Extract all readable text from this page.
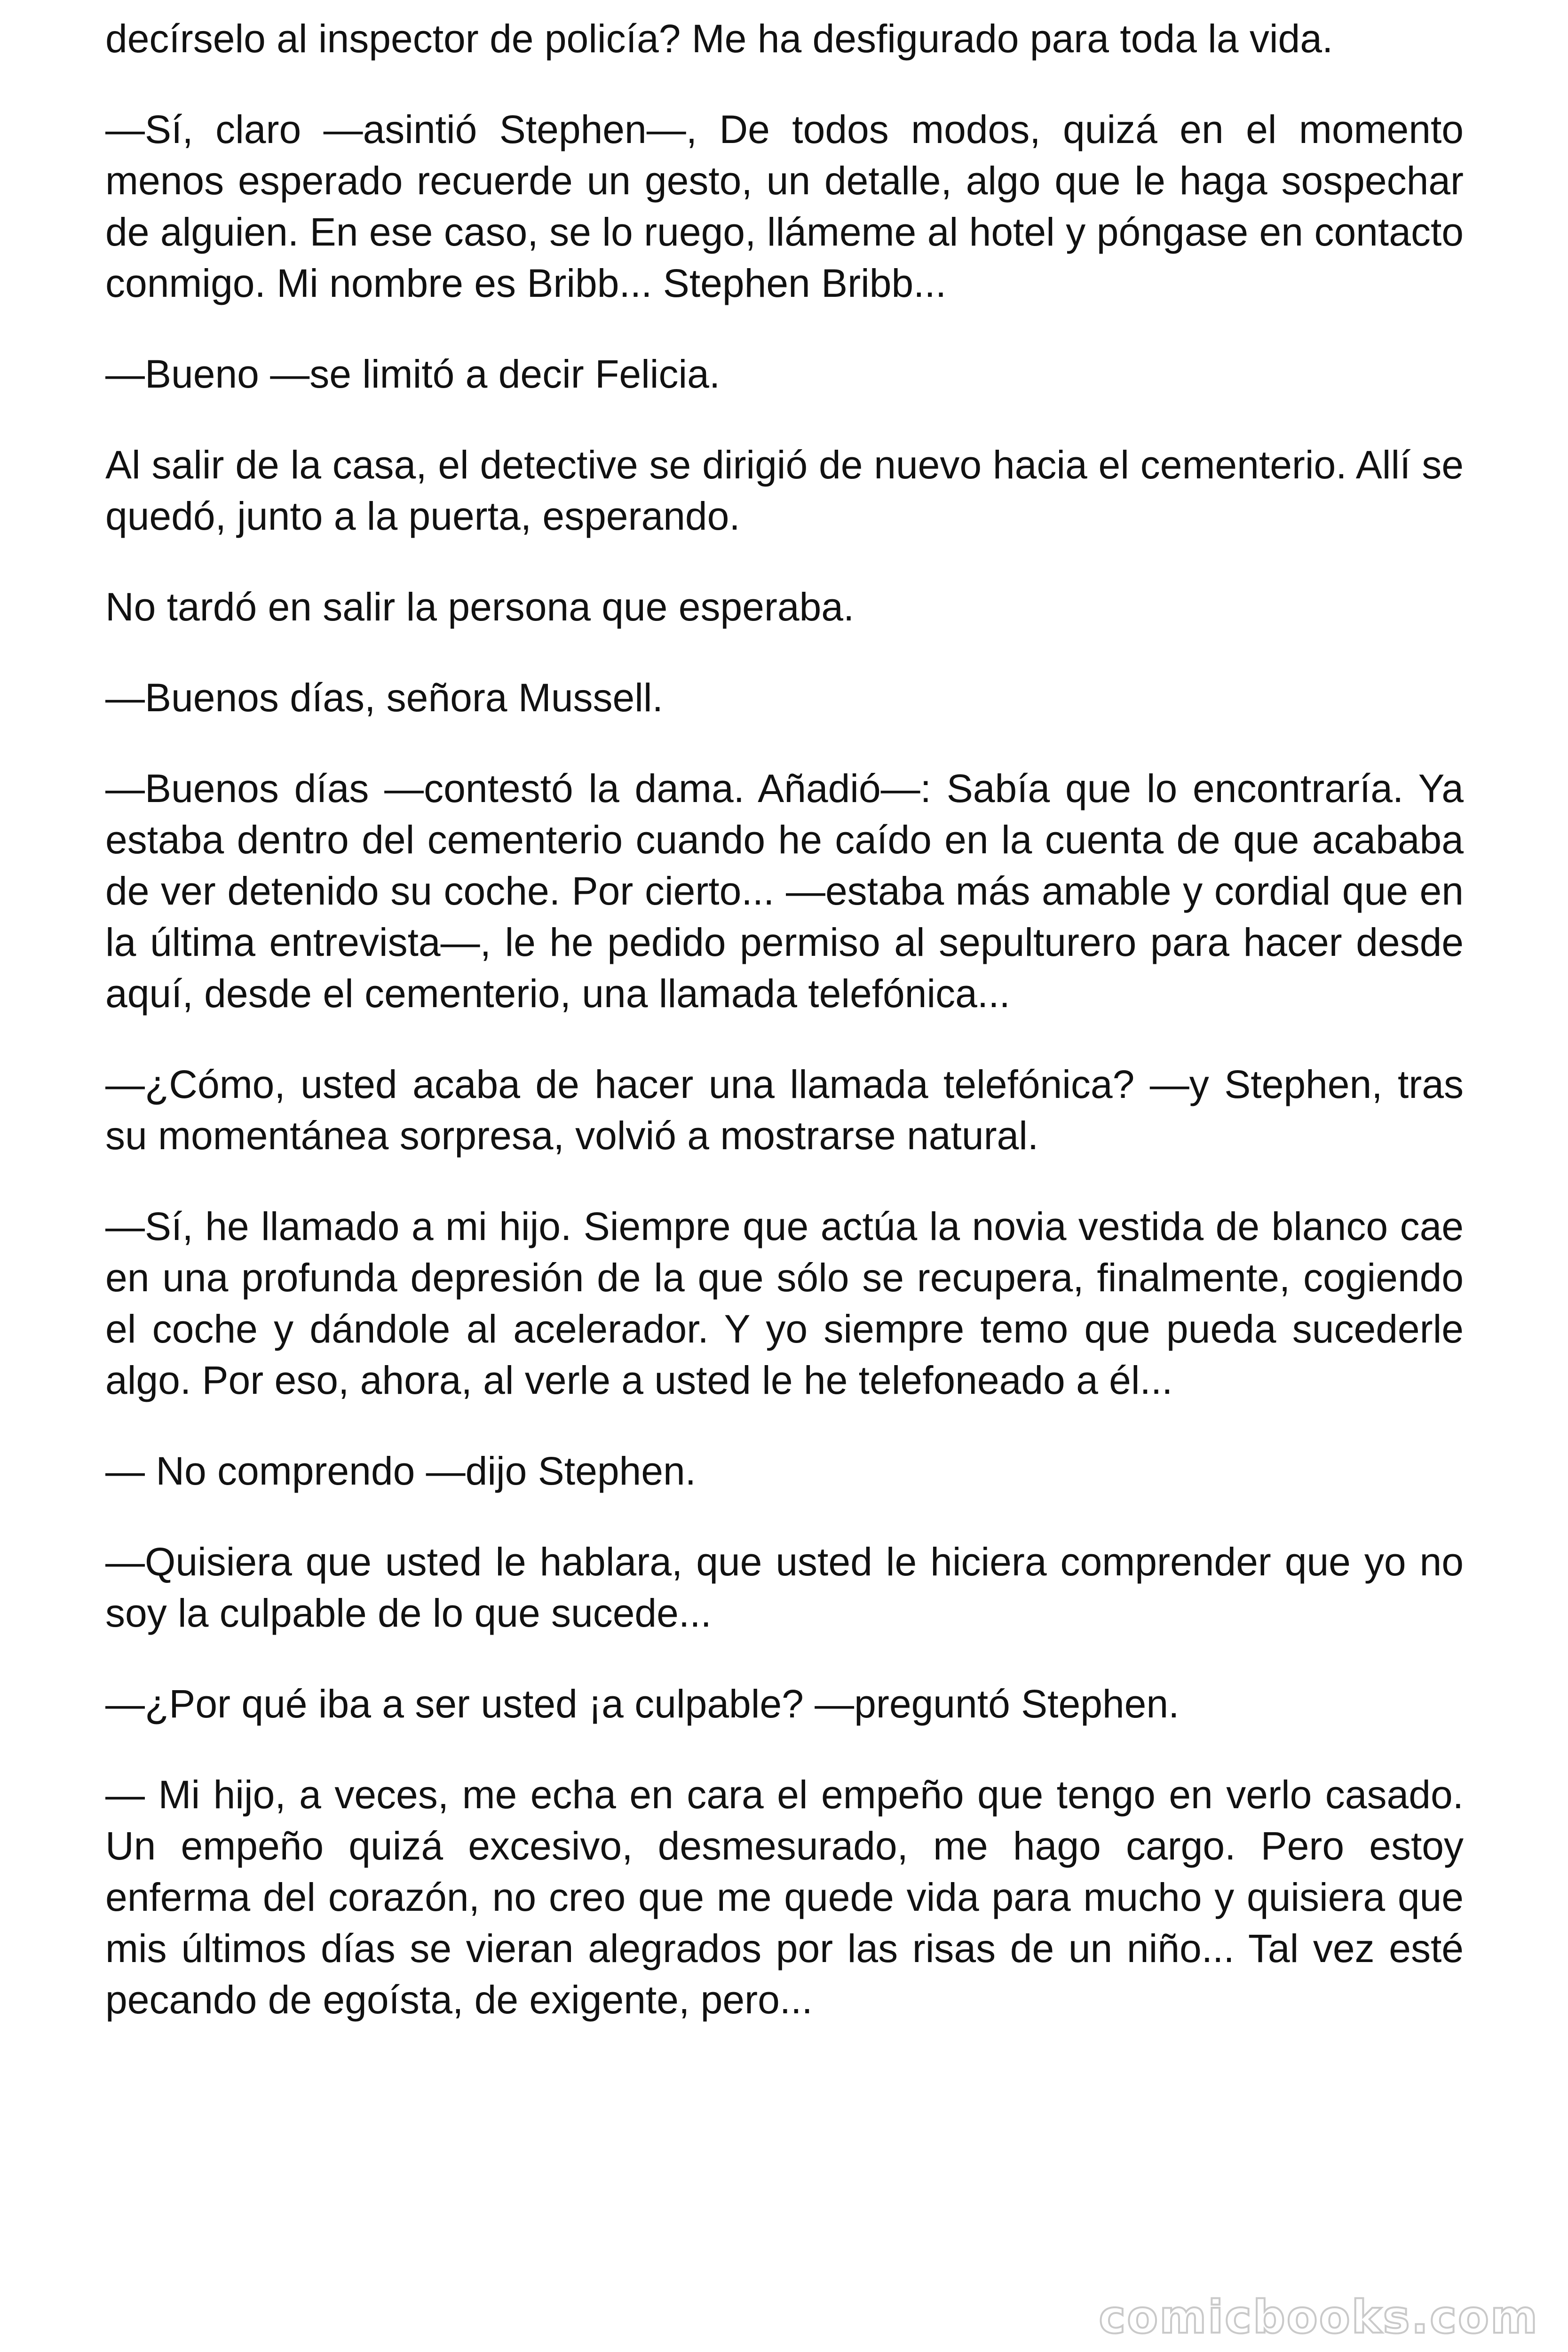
decírselo al inspector de policía? Me ha desfigurado para toda la vida.

—Sí, claro —asintió Stephen—, De todos modos, quizá en el momento menos esperado recuerde un gesto, un detalle, algo que le haga sospechar de alguien. En ese caso, se lo ruego, llámeme al hotel y póngase en contacto conmigo. Mi nombre es Bribb... Stephen Bribb...

—Bueno —se limitó a decir Felicia.

Al salir de la casa, el detective se dirigió de nuevo hacia el cementerio. Allí se quedó, junto a la puerta, esperando.

No tardó en salir la persona que esperaba.

—Buenos días, señora Mussell.

—Buenos días —contestó la dama. Añadió—: Sabía que lo encontraría. Ya estaba dentro del cementerio cuando he caído en la cuenta de que acababa de ver detenido su coche. Por cierto... —estaba más amable y cordial que en la última entrevista—, le he pedido permiso al sepulturero para hacer desde aquí, desde el cementerio, una llamada telefónica...

—¿Cómo, usted acaba de hacer una llamada telefónica? —y Stephen, tras su momentánea sorpresa, volvió a mostrarse natural.

—Sí, he llamado a mi hijo. Siempre que actúa la novia vestida de blanco cae en una profunda depresión de la que sólo se recupera, finalmente, cogiendo el coche y dándole al acelerador. Y yo siempre temo que pueda sucederle algo. Por eso, ahora, al verle a usted le he telefoneado a él...

— No comprendo —dijo Stephen.

—Quisiera que usted le hablara, que usted le hiciera comprender que yo no soy la culpable de lo que sucede...

—¿Por qué iba a ser usted ¡a culpable? —preguntó Stephen.

— Mi hijo, a veces, me echa en cara el empeño que tengo en verlo casado. Un empeño quizá excesivo, desmesurado, me hago cargo. Pero estoy enferma del corazón, no creo que me quede vida para mucho y quisiera que mis últimos días se vieran alegrados por las risas de un niño... Tal vez esté pecando de egoísta, de exigente, pero...

comicbooks.com
